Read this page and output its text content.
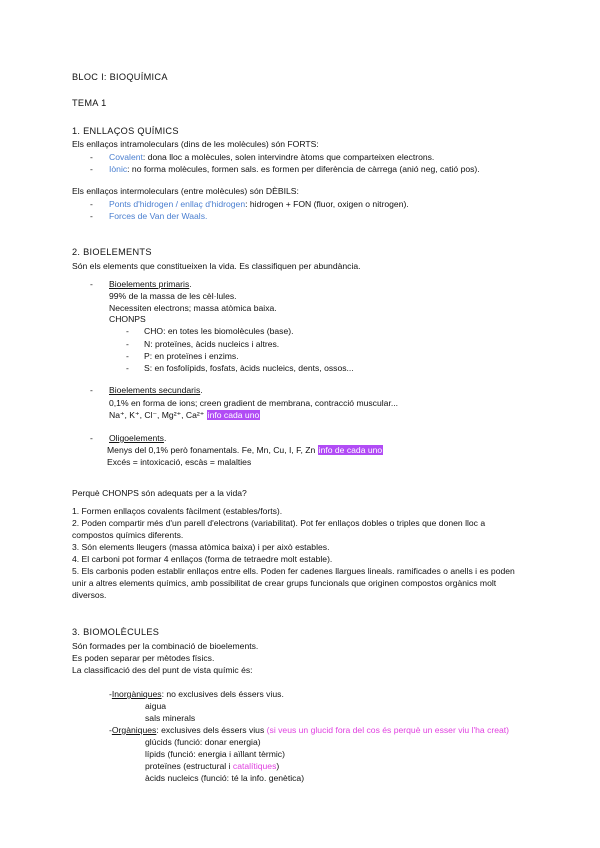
BLOC I: BIOQUÍMICA
TEMA 1
1. ENLLAÇOS QUÍMICS
Els enllaços intramoleculars (dins de les molècules) són FORTS:
- Covalent: dona lloc a molècules, solen intervindre àtoms que comparteixen electrons.
- Iònic: no forma molècules, formen sals. es formen per diferència de càrrega (anió neg, catió pos).
Els enllaços intermoleculars (entre molècules) són DÈBILS:
- Ponts d'hidrogen / enllaç d'hidrogen: hidrogen + FON (fluor, oxigen o nitrogen).
- Forces de Van der Waals.
2. BIOELEMENTS
Són els elements que constitueixen la vida. Es classifiquen per abundància.
- Bioelements primaris.
99% de la massa de les cèl·lules.
Necessiten electrons; massa atòmica baixa.
CHONPS
- CHO: en totes les biomolècules (base).
- N: proteïnes, àcids nucleics i altres.
- P: en proteïnes i enzims.
- S: en fosfolípids, fosfats, àcids nucleics, dents, ossos...
- Bioelements secundaris.
0,1% en forma de ions; creen gradient de membrana, contracció muscular...
Na⁺, K⁺, Cl⁻, Mg²⁺, Ca²⁺ info cada uno
- Oligoelements.
Menys del 0,1% però fonamentals. Fe, Mn, Cu, I, F, Zn info de cada uno
Excés = intoxicació, escàs = malalties
Perquè CHONPS són adequats per a la vida?
1. Formen enllaços covalents fàcilment (estables/forts).
2. Poden compartir més d'un parell d'electrons (variabilitat). Pot fer enllaços dobles o triples que donen lloc a
compostos químics diferents.
3. Són elements lleugers (massa atòmica baixa) i per això estables.
4. El carboni pot formar 4 enllaços (forma de tetraedre molt estable).
5. Els carbonis poden establir enllaços entre ells. Poden fer cadenes llargues lineals. ramificades o anells i es poden
unir a altres elements químics, amb possibilitat de crear grups funcionals que originen compostos orgànics molt
diversos.
3. BIOMOLÈCULES
Són formades per la combinació de bioelements.
Es poden separar per mètodes físics.
La classificació des del punt de vista químic és:
-Inorgàniques: no exclusives dels éssers vius.
aigua
sals minerals
-Orgàniques: exclusives dels éssers vius (si veus un glucid fora del cos és perquè un esser viu l'ha creat)
glúcids (funció: donar energia)
lípids (funció: energia i aïllant tèrmic)
proteïnes (estructural i catalítiques)
àcids nucleics (funció: té la info. genètica)
